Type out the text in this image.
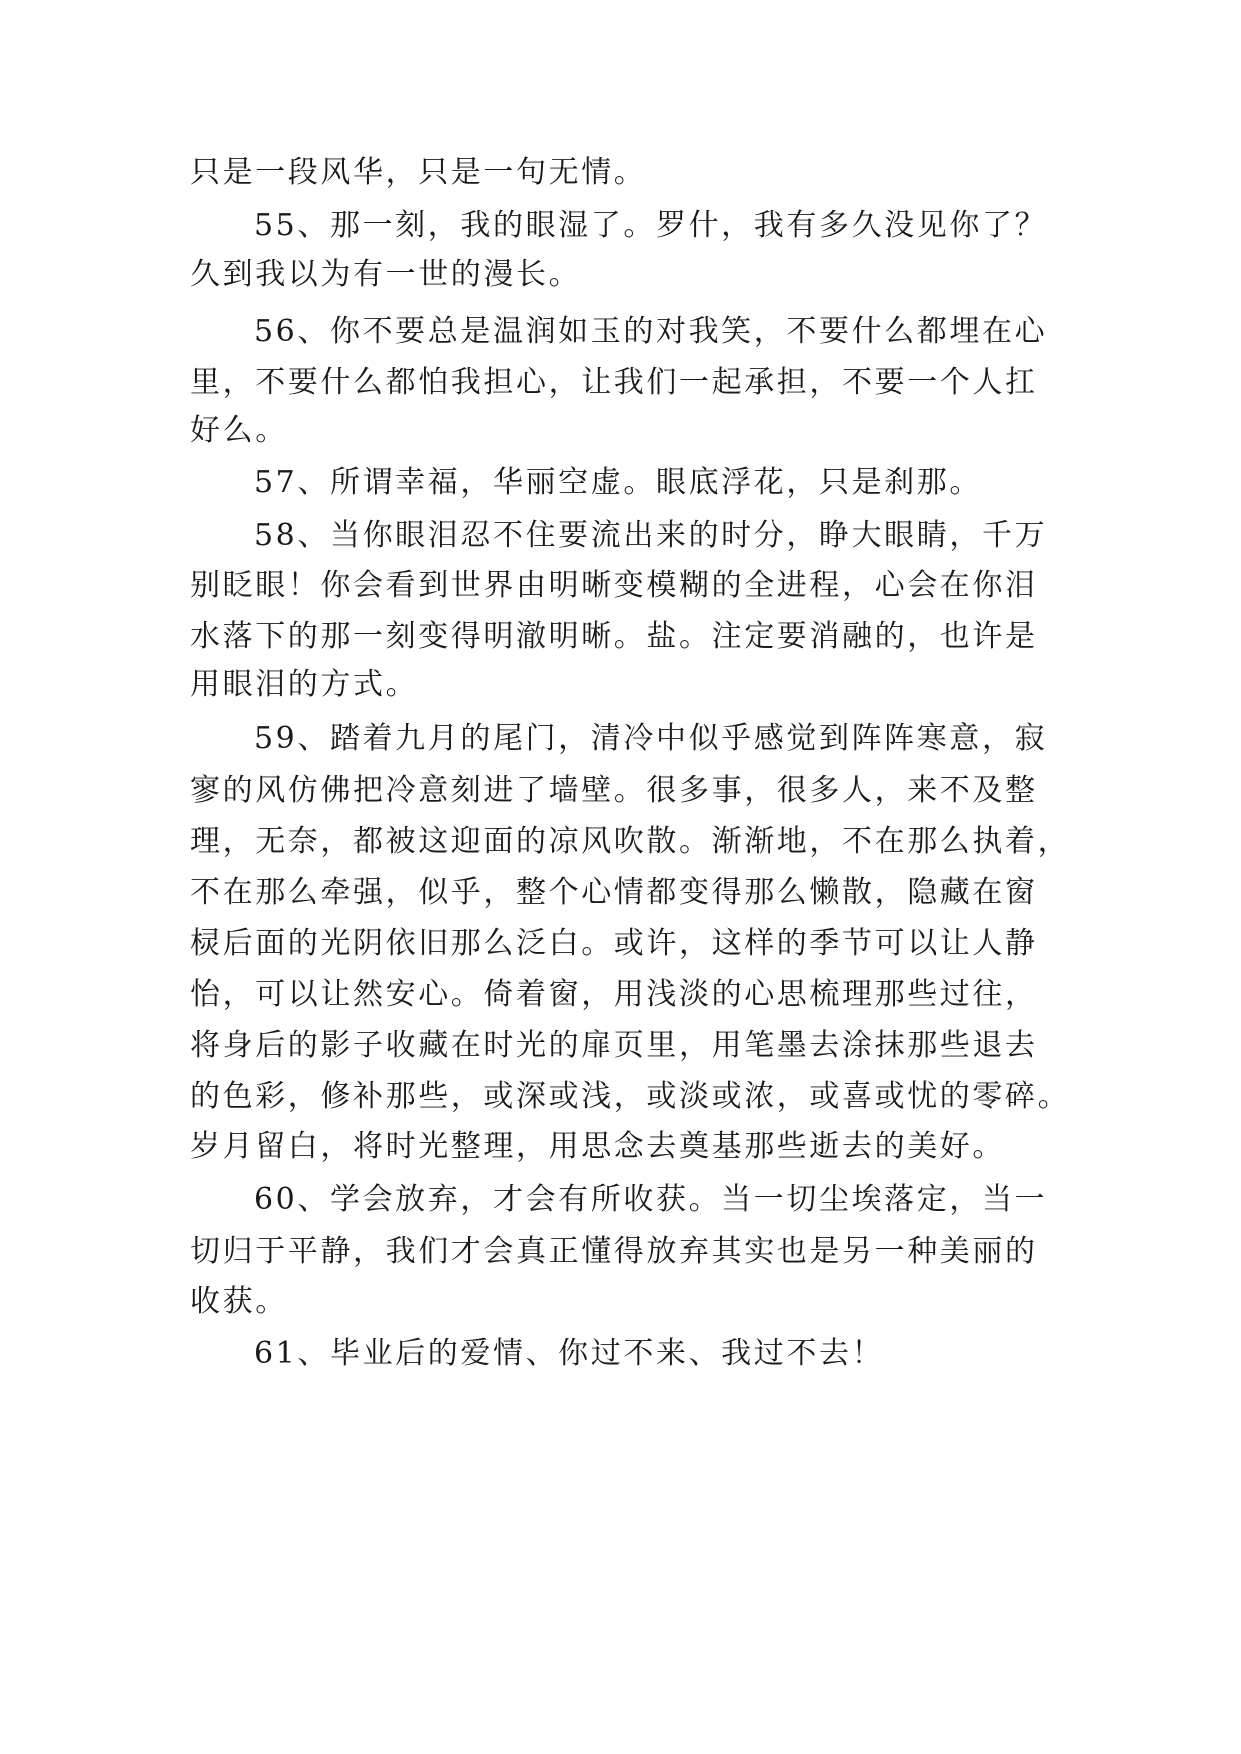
只是一段风华，只是一句无情。
55、那一刻，我的眼湿了。罗什，我有多久没见你了？
久到我以为有一世的漫长。
56、你不要总是温润如玉的对我笑，不要什么都埋在心
里，不要什么都怕我担心，让我们一起承担，不要一个人扛
好么。
57、所谓幸福，华丽空虚。眼底浮花，只是刹那。
58、当你眼泪忍不住要流出来的时分，睁大眼睛，千万
别眨眼！你会看到世界由明晰变模糊的全进程，心会在你泪
水落下的那一刻变得明澈明晰。盐。注定要消融的，也许是
用眼泪的方式。
59、踏着九月的尾门，清冷中似乎感觉到阵阵寒意，寂
寥的风仿佛把冷意刻进了墙壁。很多事，很多人，来不及整
理，无奈，都被这迎面的凉风吹散。渐渐地，不在那么执着，
不在那么牵强，似乎，整个心情都变得那么懒散，隐藏在窗
棂后面的光阴依旧那么泛白。或许，这样的季节可以让人静
怡，可以让然安心。倚着窗，用浅淡的心思梳理那些过往，
将身后的影子收藏在时光的扉页里，用笔墨去涂抹那些退去
的色彩，修补那些，或深或浅，或淡或浓，或喜或忧的零碎。
岁月留白，将时光整理，用思念去奠基那些逝去的美好。
60、学会放弃，才会有所收获。当一切尘埃落定，当一
切归于平静，我们才会真正懂得放弃其实也是另一种美丽的
收获。
61、毕业后的爱情、你过不来、我过不去！
